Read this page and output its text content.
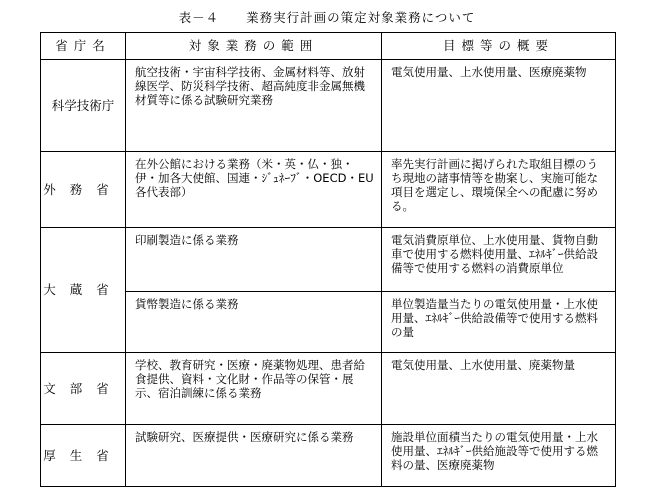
表－４　　業務実行計画の策定対象業務について
省庁名	対象業務の範囲	目標等の概要
科学技術庁	航空技術・宇宙科学技術、金属材料等、放射線医学、防災科学技術、超高純度非金属無機材質等に係る試験研究業務	電気使用量、上水使用量、医療廃薬物
外務省	在外公館における業務（米・英・仏・独・伊・加各大使館、国連・ｼﾞｭﾈｰﾌﾞ・OECD・EU各代表部）	率先実行計画に掲げられた取組目標のうち現地の諸事情等を勘案し、実施可能な項目を選定し、環境保全への配慮に努める。
大蔵省	印刷製造に係る業務	電気消費原単位、上水使用量、貨物自動車で使用する燃料使用量、ｴﾈﾙｷﾞｰ供給設備等で使用する燃料の消費原単位
	貨幣製造に係る業務	単位製造量当たりの電気使用量・上水使用量、ｴﾈﾙｷﾞｰ供給設備等で使用する燃料の量
文部省	学校、教育研究・医療・廃薬物処理、患者給食提供、資料・文化財・作品等の保管・展示、宿泊訓練に係る業務	電気使用量、上水使用量、廃薬物量
厚生省	試験研究、医療提供・医療研究に係る業務	施設単位面積当たりの電気使用量・上水使用量、ｴﾈﾙｷﾞｰ供給施設等で使用する燃料の量、医療廃薬物
